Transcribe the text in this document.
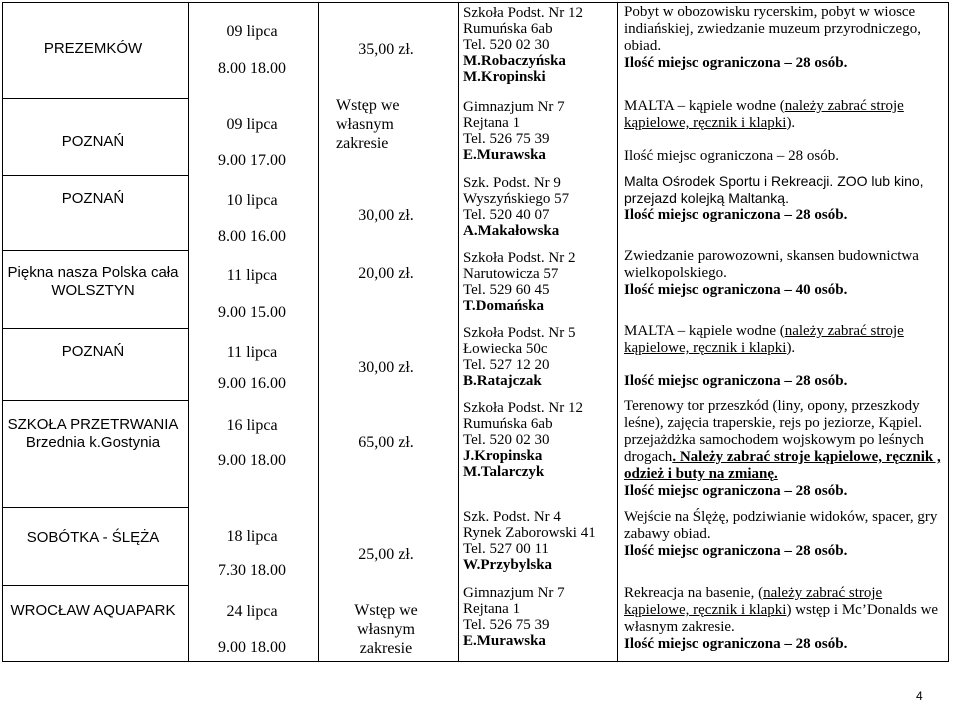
PREZEMKÓW
POZNAŃ
POZNAŃ
Piękna nasza Polska cała WOLSZTYN
POZNAŃ
SZKOŁA PRZETRWANIA Brzednia k.Gostynia
SOBÓTKA - ŚLĘŻA
WROCŁAW AQUAPARK
09 lipca
8.00 18.00
09 lipca
9.00 17.00
10 lipca
8.00 16.00
11 lipca
9.00 15.00
11 lipca
9.00 16.00
16 lipca
9.00 18.00
18 lipca
7.30 18.00
24 lipca
9.00 18.00
35,00 zł.
Wstęp we własnym zakresie
30,00 zł.
20,00 zł.
30,00 zł.
65,00 zł.
25,00 zł.
Wstęp we własnym zakresie
Szkoła Podst. Nr 12
Rumuńska 6ab
Tel. 520 02 30
M.Robaczyńska
M.Kropinski
Gimnazjum Nr 7
Rejtana 1
Tel. 526 75 39
E.Murawska
Szk. Podst. Nr 9
Wyszyńskiego 57
Tel. 520 40 07
A.Makałowska
Szkoła Podst. Nr 2
Narutowicza 57
Tel. 529 60 45
T.Domańska
Szkoła Podst. Nr 5
Łowiecka 50c
Tel. 527 12 20
B.Ratajczak
Szkoła Podst. Nr 12
Rumuńska 6ab
Tel. 520 02 30
J.Kropinska
M.Talarczyk
Szk. Podst. Nr 4
Rynek Zaborowski 41
Tel. 527 00 11
W.Przybylska
Gimnazjum Nr 7
Rejtana 1
Tel. 526 75 39
E.Murawska
Pobyt w obozowisku rycerskim, pobyt w wiosce indiańskiej, zwiedzanie muzeum przyrodniczego, obiad.
Ilość miejsc ograniczona – 28 osób.
MALTA – kąpiele wodne (należy zabrać stroje kąpielowe, ręcznik i klapki).
Ilość miejsc ograniczona – 28 osób.
Malta Ośrodek Sportu i Rekreacji. ZOO lub kino, przejazd kolejką Maltanką.
Ilość miejsc ograniczona – 28 osób.
Zwiedzanie parowozowni, skansen budownictwa wielkopolskiego.
Ilość miejsc ograniczona – 40 osób.
MALTA – kąpiele wodne (należy zabrać stroje kąpielowe, ręcznik i klapki).
Ilość miejsc ograniczona – 28 osób.
Terenowy tor przeszkód (liny, opony, przeszkody leśne), zajęcia traperskie, rejs po jeziorze, Kąpiel. przejażdżka samochodem wojskowym po leśnych drogach. Należy zabrać stroje kąpielowe, ręcznik , odzież i buty na zmianę.
Ilość miejsc ograniczona – 28 osób.
Wejście na Ślężę, podziwianie widoków, spacer, gry zabawy obiad.
Ilość miejsc ograniczona – 28 osób.
Rekreacja na basenie, (należy zabrać stroje kąpielowe, ręcznik i klapki) wstęp i Mc’Donalds we własnym zakresie.
Ilość miejsc ograniczona – 28 osób.
4
